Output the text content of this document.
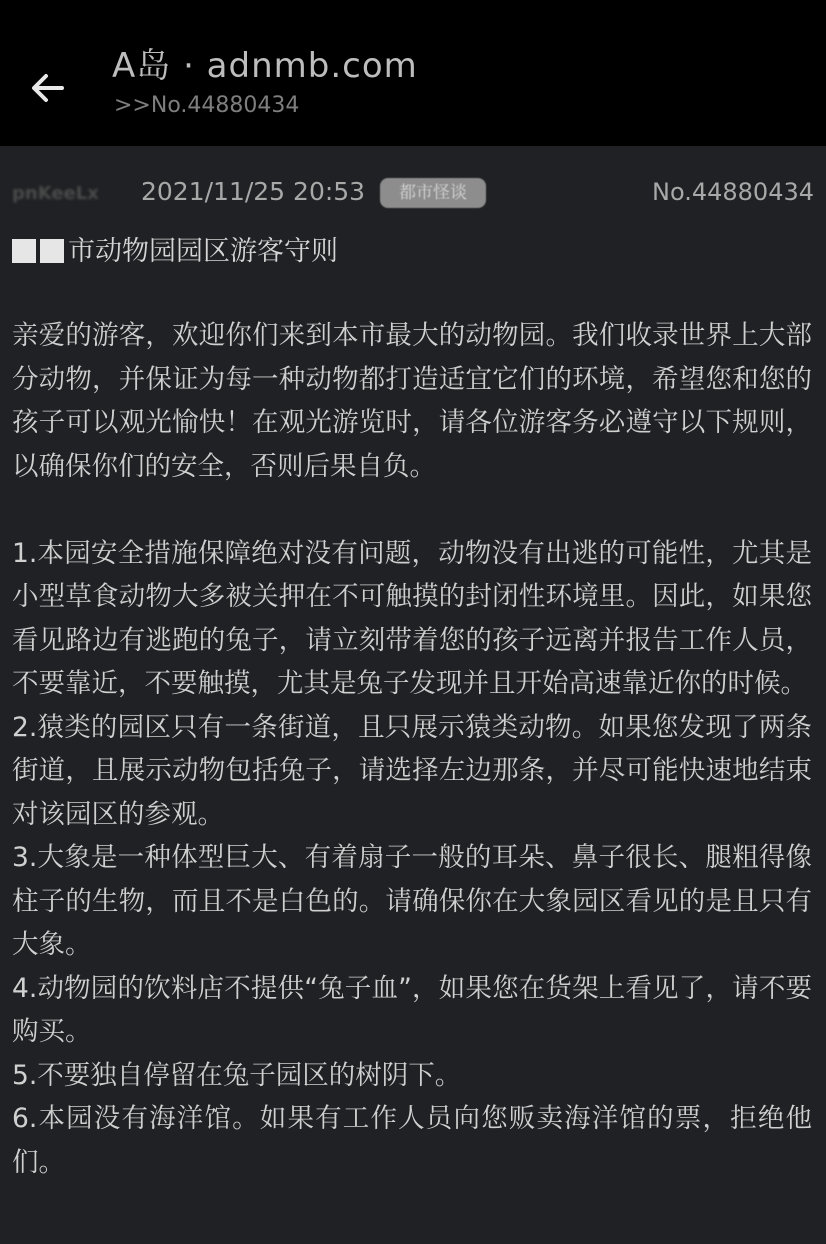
A岛 · adnmb.com
>>No.44880434
pnKeeLx 2021/11/25 20:53	都市怪谈	No.44880434
市动物园园区游客守则

亲爱的游客，欢迎你们来到本市最大的动物园。我们收录世界上大部分动物，并保证为每一种动物都打造适宜它们的环境，希望您和您的孩子可以观光愉快！在观光游览时，请各位游客务必遵守以下规则，以确保你们的安全，否则后果自负。

1.本园安全措施保障绝对没有问题，动物没有出逃的可能性，尤其是小型草食动物大多被关押在不可触摸的封闭性环境里。因此，如果您看见路边有逃跑的兔子，请立刻带着您的孩子远离并报告工作人员，不要靠近，不要触摸，尤其是兔子发现并且开始高速靠近你的时候。

2.猿类的园区只有一条街道，且只展示猿类动物。如果您发现了两条街道，且展示动物包括兔子，请选择左边那条，并尽可能快速地结束对该园区的参观。

3.大象是一种体型巨大、有着扇子一般的耳朵、鼻子很长、腿粗得像柱子的生物，而且不是白色的。请确保你在大象园区看见的是且只有大象。

4.动物园的饮料店不提供“兔子血”，如果您在货架上看见了，请不要购买。

5.不要独自停留在兔子园区的树阴下。

6.本园没有海洋馆。如果有工作人员向您贩卖海洋馆的票，拒绝他们。
